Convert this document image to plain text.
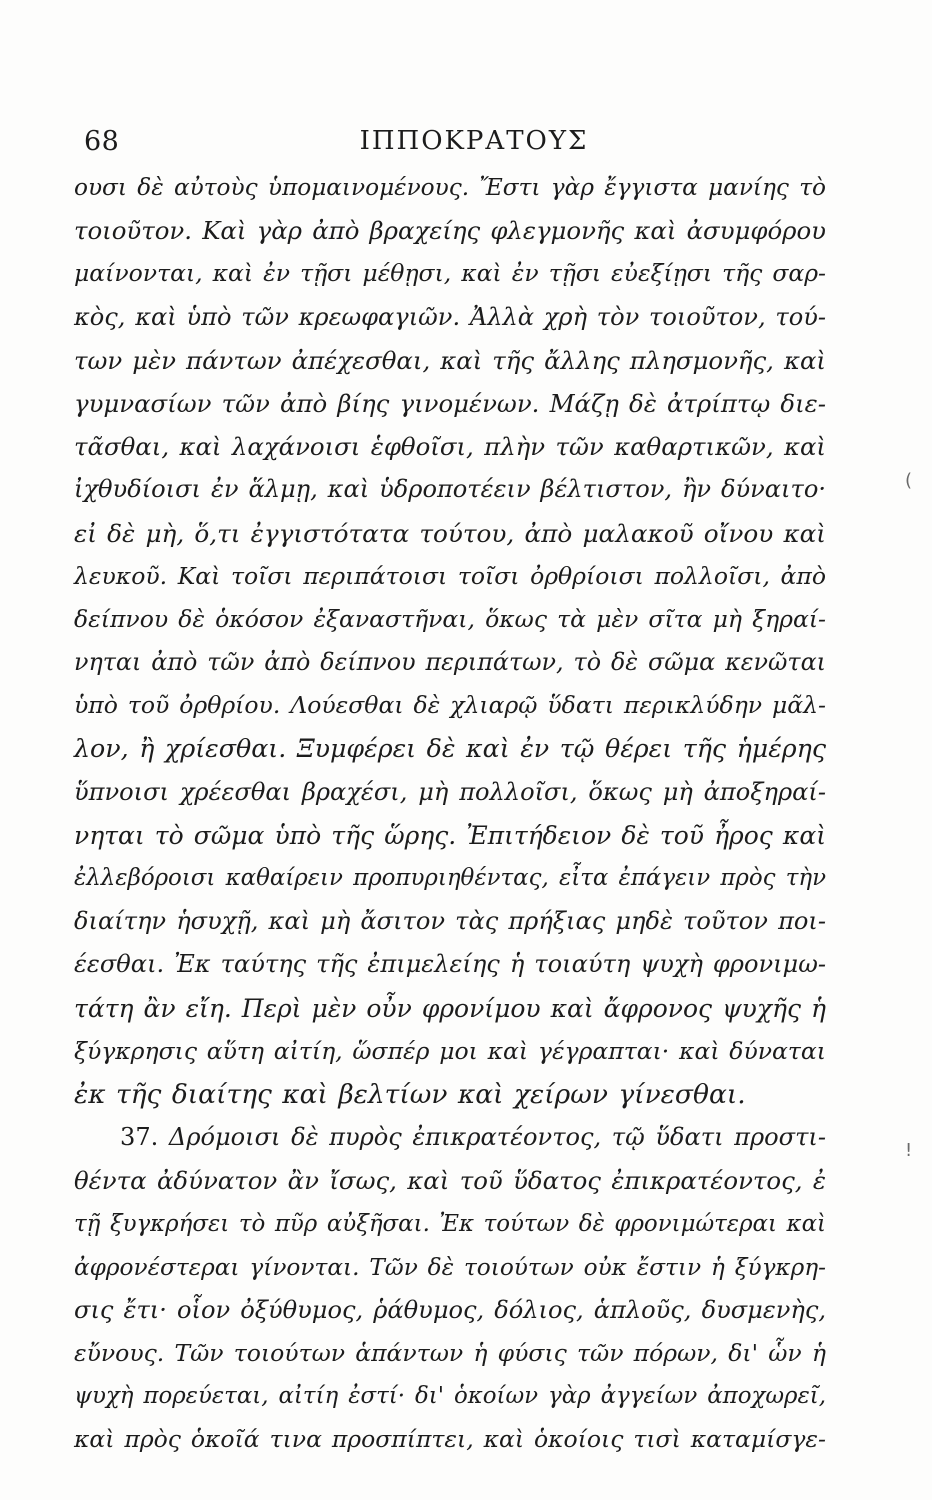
68	ΙΠΠΟΚΡΑΤΟΥΣ
ουσι δὲ αὐτοὺς ὑπομαινομένους. Ἔστι γὰρ ἔγγιστα μανίης τὸ
τοιοῦτον. Καὶ γὰρ ἀπὸ βραχείης φλεγμονῆς καὶ ἀσυμφόρου
μαίνονται, καὶ ἐν τῇσι μέθῃσι, καὶ ἐν τῇσι εὐεξίῃσι τῆς σαρ-
κὸς, καὶ ὑπὸ τῶν κρεωφαγιῶν. Ἀλλὰ χρὴ τὸν τοιοῦτον, τού-
των μὲν πάντων ἀπέχεσθαι, καὶ τῆς ἄλλης πλησμονῆς, καὶ
γυμνασίων τῶν ἀπὸ βίης γινομένων. Μάζῃ δὲ ἀτρίπτῳ διε-
τᾶσθαι, καὶ λαχάνοισι ἑφθοῖσι, πλὴν τῶν καθαρτικῶν, καὶ
ἰχθυδίοισι ἐν ἅλμῃ, καὶ ὑδροποτέειν βέλτιστον, ἢν δύναιτο·
εἰ δὲ μὴ, ὅ,τι ἐγγιστότατα τούτου, ἀπὸ μαλακοῦ οἴνου καὶ
λευκοῦ. Καὶ τοῖσι περιπάτοισι τοῖσι ὀρθρίοισι πολλοῖσι, ἀπὸ
δείπνου δὲ ὁκόσον ἐξαναστῆναι, ὅκως τὰ μὲν σῖτα μὴ ξηραί-
νηται ἀπὸ τῶν ἀπὸ δείπνου περιπάτων, τὸ δὲ σῶμα κενῶται
ὑπὸ τοῦ ὀρθρίου. Λούεσθαι δὲ χλιαρῷ ὕδατι περικλύδην μᾶλ-
λον, ἢ χρίεσθαι. Ξυμφέρει δὲ καὶ ἐν τῷ θέρει τῆς ἡμέρης
ὕπνοισι χρέεσθαι βραχέσι, μὴ πολλοῖσι, ὅκως μὴ ἀποξηραί-
νηται τὸ σῶμα ὑπὸ τῆς ὥρης. Ἐπιτήδειον δὲ τοῦ ἦρος καὶ
ἐλλεβόροισι καθαίρειν προπυριηθέντας, εἶτα ἐπάγειν πρὸς τὴν
διαίτην ἡσυχῇ, καὶ μὴ ἄσιτον τὰς πρήξιας μηδὲ τοῦτον ποι-
έεσθαι. Ἐκ ταύτης τῆς ἐπιμελείης ἡ τοιαύτη ψυχὴ φρονιμω-
τάτη ἂν εἴη. Περὶ μὲν οὖν φρονίμου καὶ ἄφρονος ψυχῆς ἡ
ξύγκρησις αὕτη αἰτίη, ὥσπέρ μοι καὶ γέγραπται· καὶ δύναται
ἐκ τῆς διαίτης καὶ βελτίων καὶ χείρων γίνεσθαι.
37. Δρόμοισι δὲ πυρὸς ἐπικρατέοντος, τῷ ὕδατι προστι-
θέντα ἀδύνατον ἂν ἴσως, καὶ τοῦ ὕδατος ἐπικρατέοντος, ἐ
τῇ ξυγκρήσει τὸ πῦρ αὐξῆσαι. Ἐκ τούτων δὲ φρονιμώτεραι καὶ
ἀφρονέστεραι γίνονται. Τῶν δὲ τοιούτων οὐκ ἔστιν ἡ ξύγκρη-
σις ἔτι· οἷον ὀξύθυμος, ῥάθυμος, δόλιος, ἁπλοῦς, δυσμενὴς,
εὔνους. Τῶν τοιούτων ἁπάντων ἡ φύσις τῶν πόρων, δι' ὧν ἡ
ψυχὴ πορεύεται, αἰτίη ἐστί· δι' ὁκοίων γὰρ ἀγγείων ἀποχωρεῖ,
καὶ πρὸς ὁκοῖά τινα προσπίπτει, καὶ ὁκοίοις τισὶ καταμίσγε-
(
!
